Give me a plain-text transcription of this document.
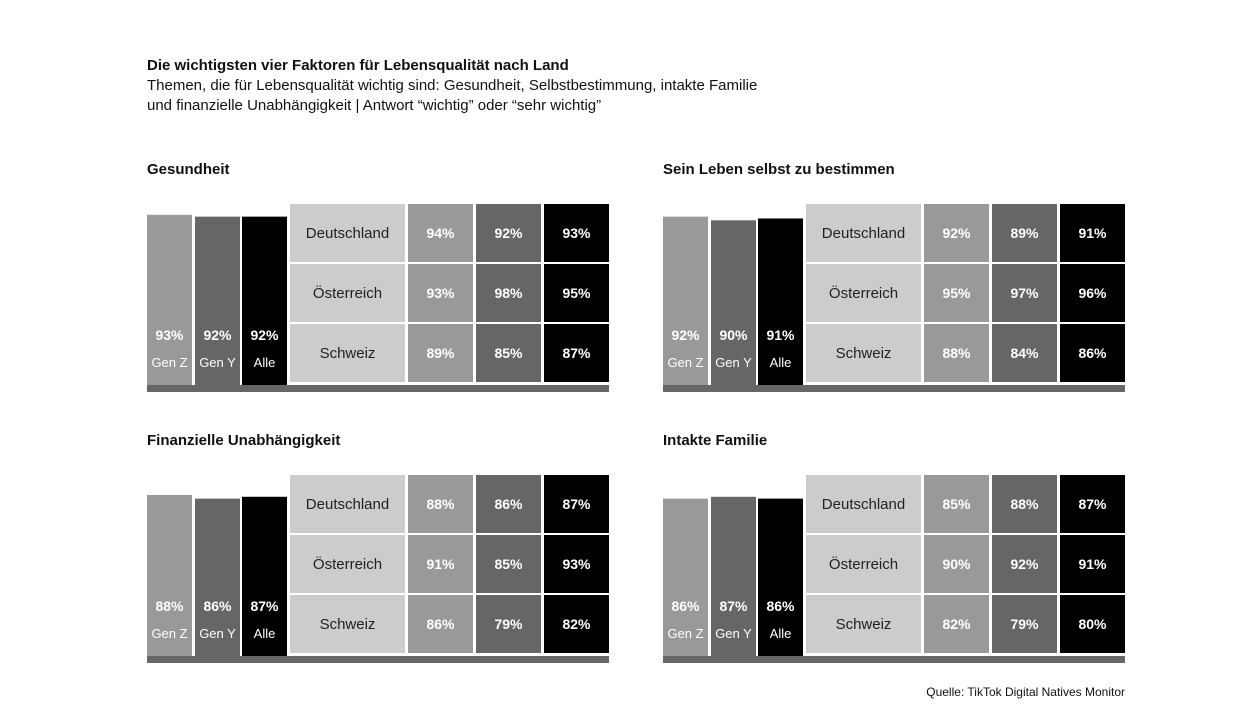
Die wichtigsten vier Faktoren für Lebensqualität nach Land
Themen, die für Lebensqualität wichtig sind: Gesundheit, Selbstbestimmung, intakte Familie
und finanzielle Unabhängigkeit | Antwort “wichtig” oder “sehr wichtig”
Gesundheit
93%
Gen Z
92%
Gen Y
92%
Alle
Deutschland	94%	92%	93%
Österreich	93%	98%	95%
Schweiz	89%	85%	87%
Sein Leben selbst zu bestimmen
92%
Gen Z
90%
Gen Y
91%
Alle
Deutschland	92%	89%	91%
Österreich	95%	97%	96%
Schweiz	88%	84%	86%
Finanzielle Unabhängigkeit
88%
Gen Z
86%
Gen Y
87%
Alle
Deutschland	88%	86%	87%
Österreich	91%	85%	93%
Schweiz	86%	79%	82%
Intakte Familie
86%
Gen Z
87%
Gen Y
86%
Alle
Deutschland	85%	88%	87%
Österreich	90%	92%	91%
Schweiz	82%	79%	80%
Quelle: TikTok Digital Natives Monitor
